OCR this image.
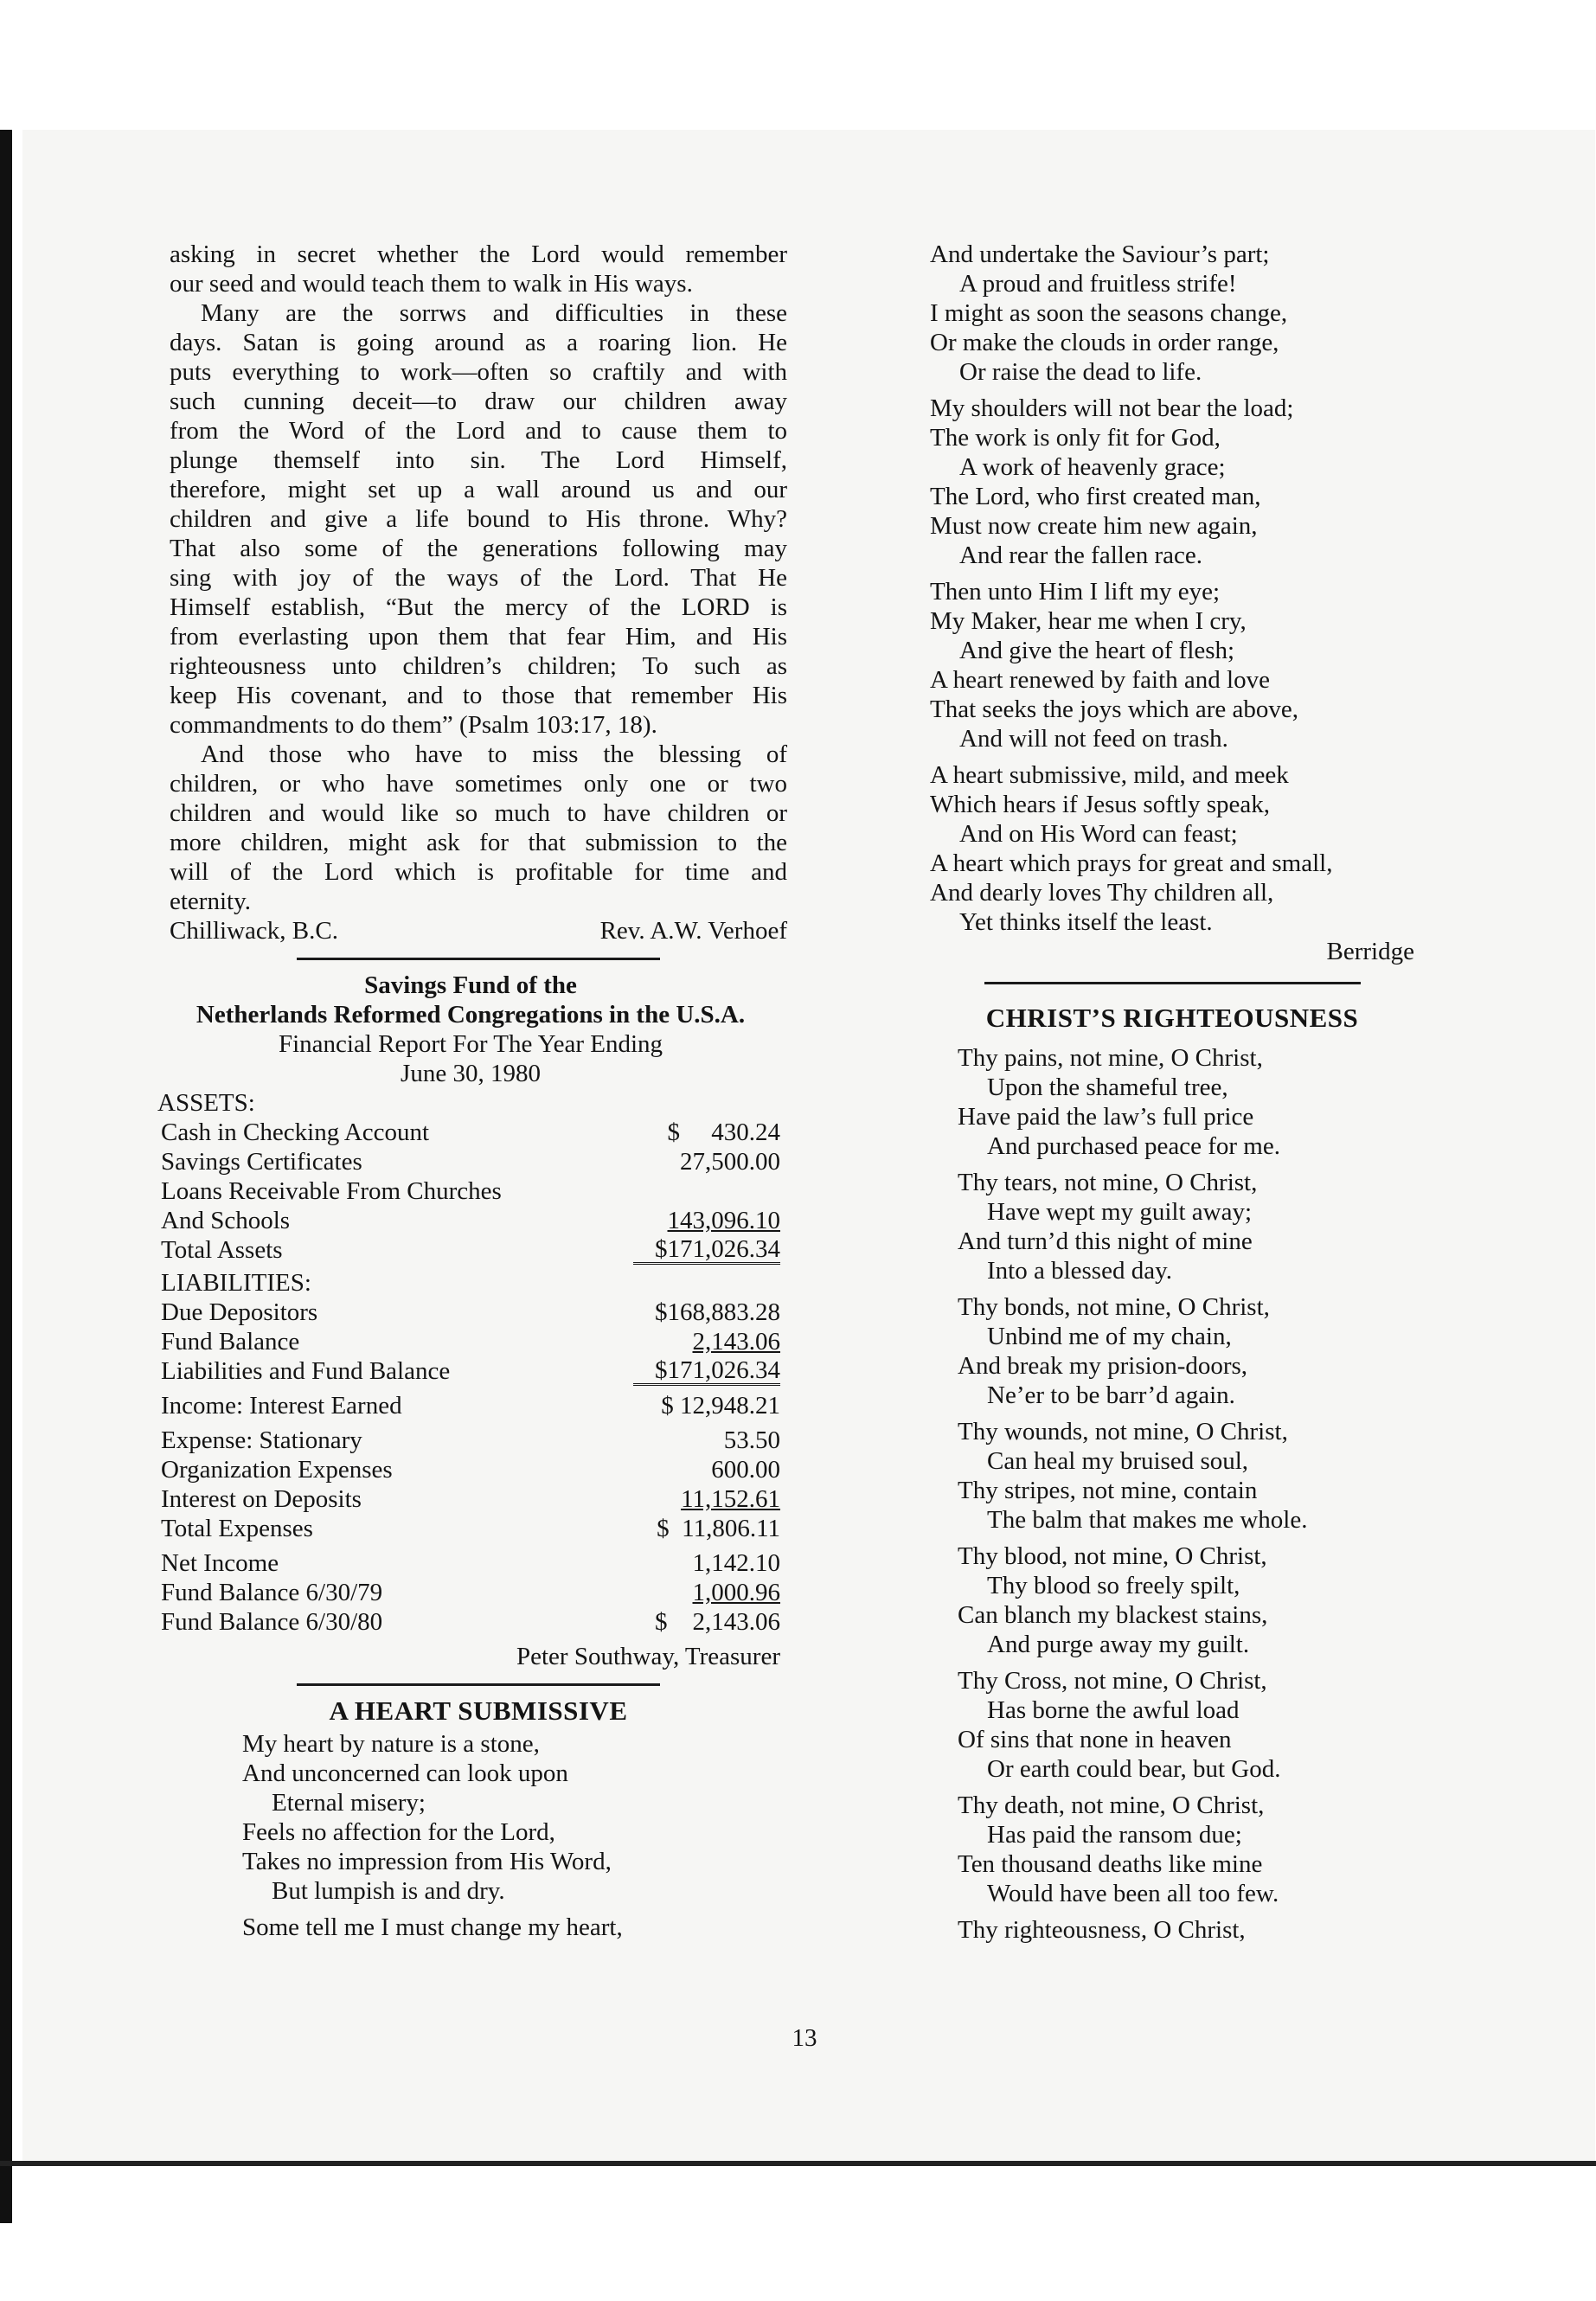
asking in secret whether the Lord would remember
our seed and would teach them to walk in His ways.
Many are the sorrws and difficulties in these
days. Satan is going around as a roaring lion. He
puts everything to work—often so craftily and with
such cunning deceit—to draw our children away
from the Word of the Lord and to cause them to
plunge themself into sin. The Lord Himself,
therefore, might set up a wall around us and our
children and give a life bound to His throne. Why?
That also some of the generations following may
sing with joy of the ways of the Lord. That He
Himself establish, “But the mercy of the LORD is
from everlasting upon them that fear Him, and His
righteousness unto children’s children; To such as
keep His covenant, and to those that remember His
commandments to do them” (Psalm 103:17, 18).
And those who have to miss the blessing of
children, or who have sometimes only one or two
children and would like so much to have children or
more children, might ask for that submission to the
will of the Lord which is profitable for time and
eternity.
Chilliwack, B.C.	Rev. A.W. Verhoef

Savings Fund of the

Netherlands Reformed Congregations in the U.S.A.

Financial Report For The Year Ending

June 30, 1980

ASSETS:

Cash in Checking Account	$     430.24
Savings Certificates	27,500.00
Loans Receivable From Churches
And Schools	143,096.10
Total Assets	$171,026.34

LIABILITIES:

Due Depositors	$168,883.28
Fund Balance	2,143.06
Liabilities and Fund Balance	$171,026.34
Income: Interest Earned	$ 12,948.21
Expense: Stationary	53.50
Organization Expenses	600.00
Interest on Deposits	11,152.61
Total Expenses	$  11,806.11
Net Income	1,142.10
Fund Balance 6/30/79	1,000.96
Fund Balance 6/30/80	$    2,143.06

Peter Southway, Treasurer

A HEART SUBMISSIVE

My heart by nature is a stone,
And unconcerned can look upon
Eternal misery;
Feels no affection for the Lord,
Takes no impression from His Word,
But lumpish is and dry.
Some tell me I must change my heart,
And undertake the Saviour’s part;
A proud and fruitless strife!
I might as soon the seasons change,
Or make the clouds in order range,
Or raise the dead to life.
My shoulders will not bear the load;
The work is only fit for God,
A work of heavenly grace;
The Lord, who first created man,
Must now create him new again,
And rear the fallen race.
Then unto Him I lift my eye;
My Maker, hear me when I cry,
And give the heart of flesh;
A heart renewed by faith and love
That seeks the joys which are above,
And will not feed on trash.
A heart submissive, mild, and meek
Which hears if Jesus softly speak,
And on His Word can feast;
A heart which prays for great and small,
And dearly loves Thy children all,
Yet thinks itself the least.

Berridge

CHRIST’S RIGHTEOUSNESS

Thy pains, not mine, O Christ,
Upon the shameful tree,
Have paid the law’s full price
And purchased peace for me.
Thy tears, not mine, O Christ,
Have wept my guilt away;
And turn’d this night of mine
Into a blessed day.
Thy bonds, not mine, O Christ,
Unbind me of my chain,
And break my prision-doors,
Ne’er to be barr’d again.
Thy wounds, not mine, O Christ,
Can heal my bruised soul,
Thy stripes, not mine, contain
The balm that makes me whole.
Thy blood, not mine, O Christ,
Thy blood so freely spilt,
Can blanch my blackest stains,
And purge away my guilt.
Thy Cross, not mine, O Christ,
Has borne the awful load
Of sins that none in heaven
Or earth could bear, but God.
Thy death, not mine, O Christ,
Has paid the ransom due;
Ten thousand deaths like mine
Would have been all too few.
Thy righteousness, O Christ,
13
